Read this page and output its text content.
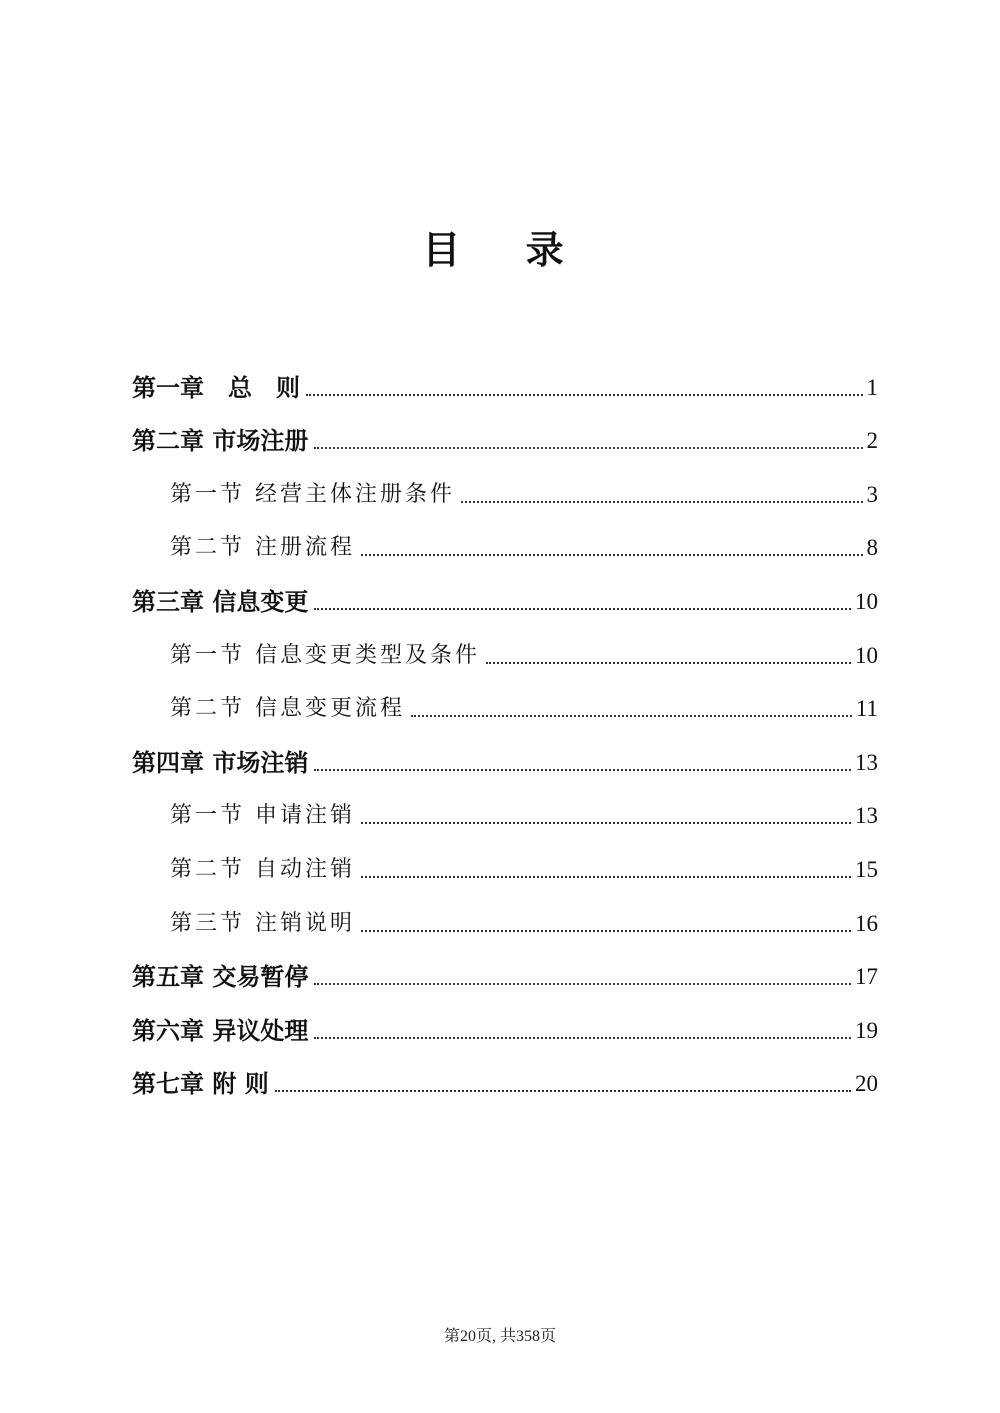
目 录
第一章　总　则	1
第二章 市场注册	2
第一节 经营主体注册条件	3
第二节 注册流程	8
第三章 信息变更	10
第一节 信息变更类型及条件	10
第二节 信息变更流程	11
第四章 市场注销	13
第一节 申请注销	13
第二节 自动注销	15
第三节 注销说明	16
第五章 交易暂停	17
第六章 异议处理	19
第七章 附 则	20
第20页, 共358页
